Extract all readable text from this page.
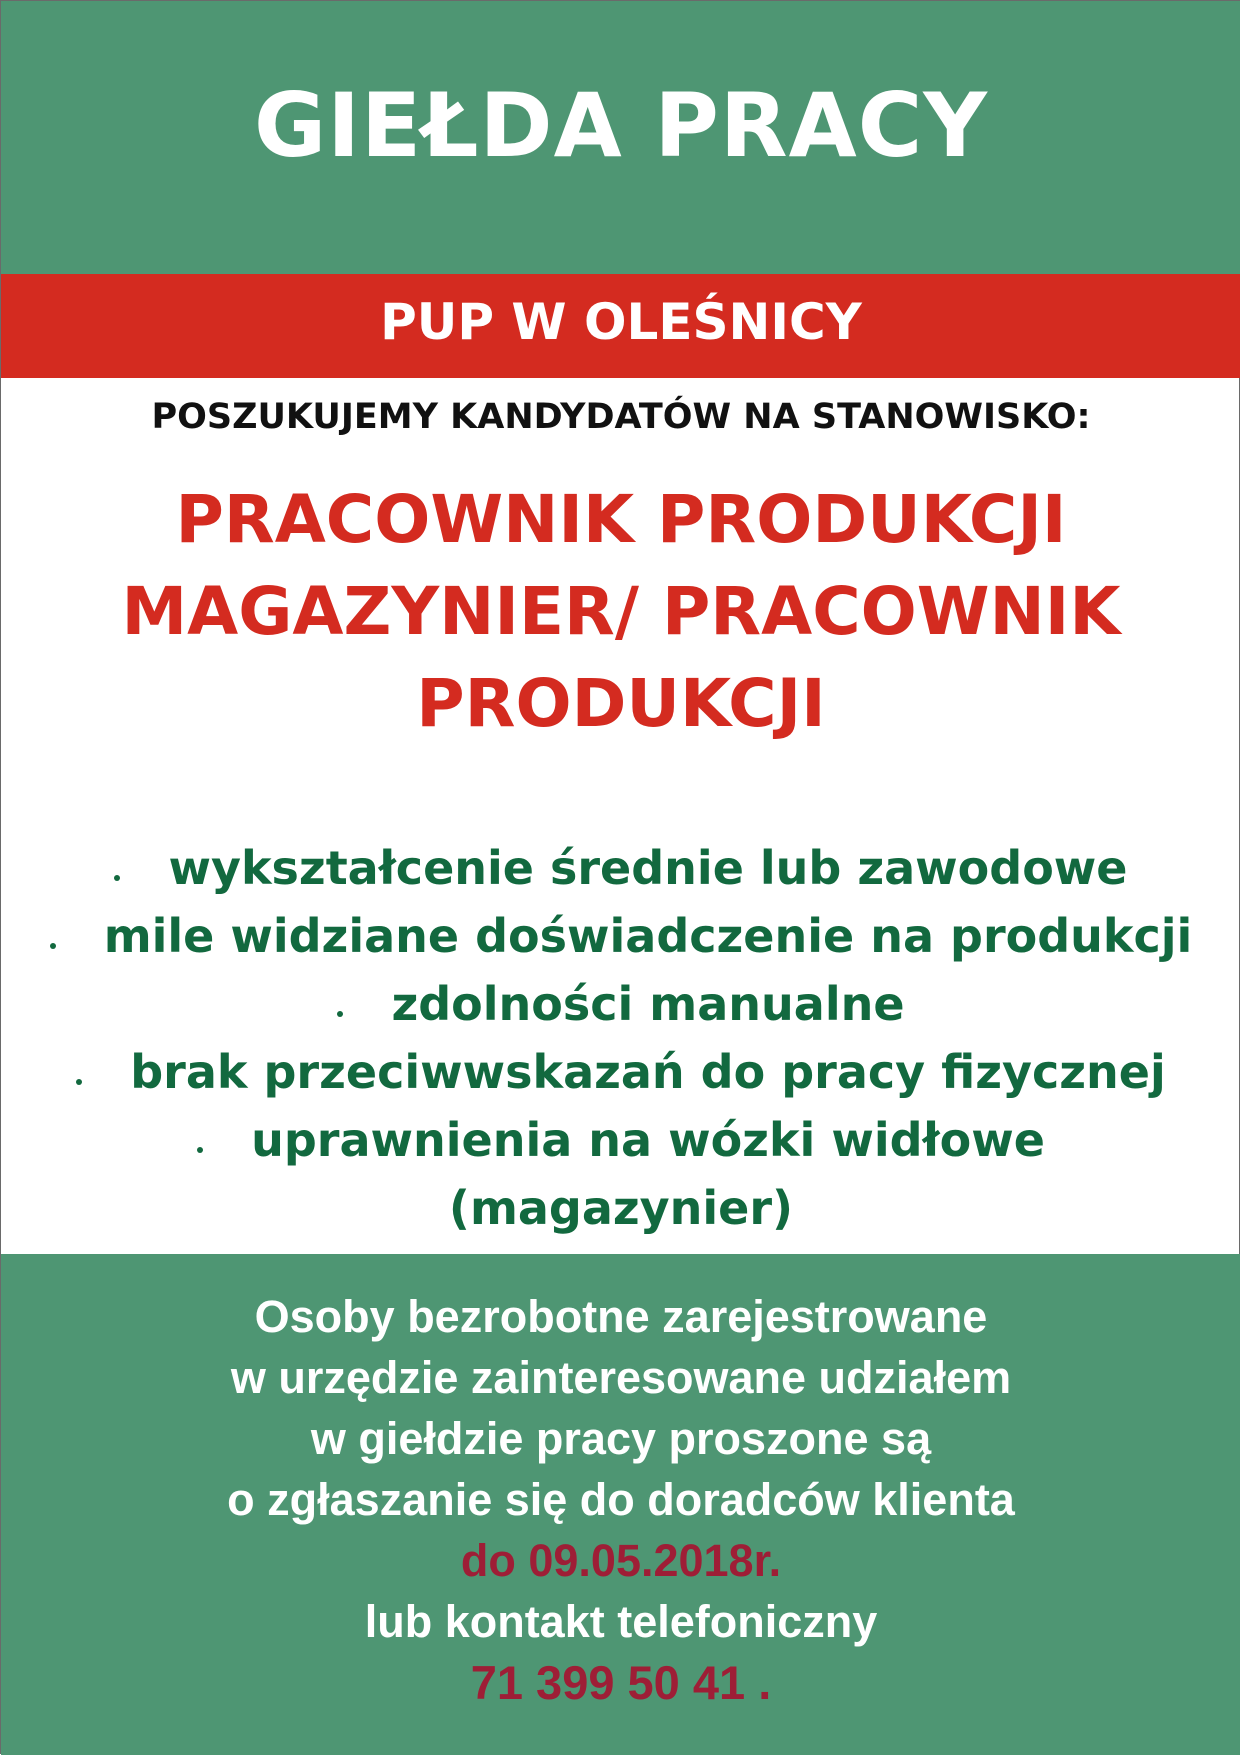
GIEŁDA PRACY
PUP W OLEŚNICY
POSZUKUJEMY KANDYDATÓW NA STANOWISKO:
PRACOWNIK PRODUKCJI
MAGAZYNIER/ PRACOWNIK
PRODUKCJI
wykształcenie średnie lub zawodowe
mile widziane doświadczenie na produkcji
zdolności manualne
brak przeciwwskazań do pracy fizycznej
uprawnienia na wózki widłowe
(magazynier)
Osoby bezrobotne zarejestrowane
w urzędzie zainteresowane udziałem
w giełdzie pracy proszone są
o zgłaszanie się do doradców klienta
do 09.05.2018r.
lub kontakt telefoniczny
71 399 50 41 .
